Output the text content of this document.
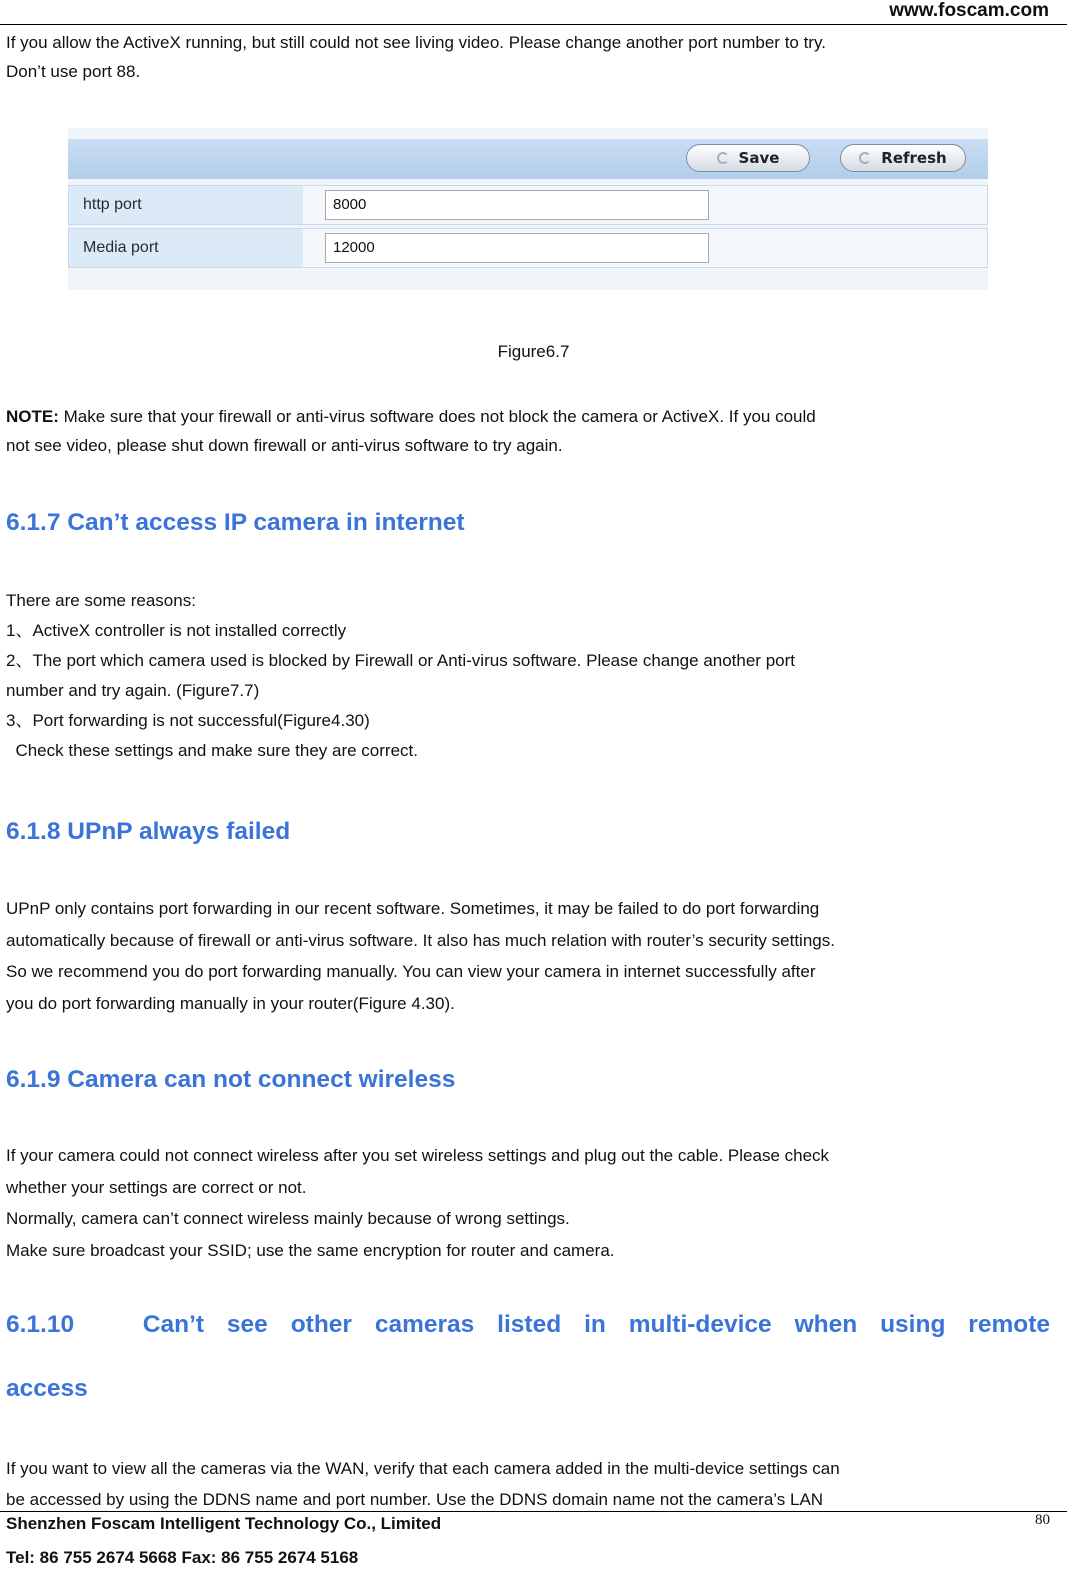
www.foscam.com

If you allow the ActiveX running, but still could not see living video. Please change another port number to try.
Don’t use port 88.

Save	Refresh
http port	8000
Media port	12000
Figure6.7

NOTE: Make sure that your firewall or anti-virus software does not block the camera or ActiveX. If you could
not see video, please shut down firewall or anti-virus software to try again.

6.1.7 Can’t access IP camera in internet

There are some reasons:
1、ActiveX controller is not installed correctly
2、The port which camera used is blocked by Firewall or Anti-virus software. Please change another port
number and try again. (Figure7.7)
3、Port forwarding is not successful(Figure4.30)
Check these settings and make sure they are correct.

6.1.8 UPnP always failed

UPnP only contains port forwarding in our recent software. Sometimes, it may be failed to do port forwarding
automatically because of firewall or anti-virus software. It also has much relation with router’s security settings.
So we recommend you do port forwarding manually. You can view your camera in internet successfully after
you do port forwarding manually in your router(Figure 4.30).

6.1.9 Camera can not connect wireless

If your camera could not connect wireless after you set wireless settings and plug out the cable. Please check
whether your settings are correct or not.
Normally, camera can’t connect wireless mainly because of wrong settings.
Make sure broadcast your SSID; use the same encryption for router and camera.

6.1.10   Can’t see other cameras listed in multi-device when using remote
access

If you want to view all the cameras via the WAN, verify that each camera added in the multi-device settings can
be accessed by using the DDNS name and port number. Use the DDNS domain name not the camera’s LAN

Shenzhen Foscam Intelligent Technology Co., Limited	80
Tel: 86 755 2674 5668 Fax: 86 755 2674 5168
